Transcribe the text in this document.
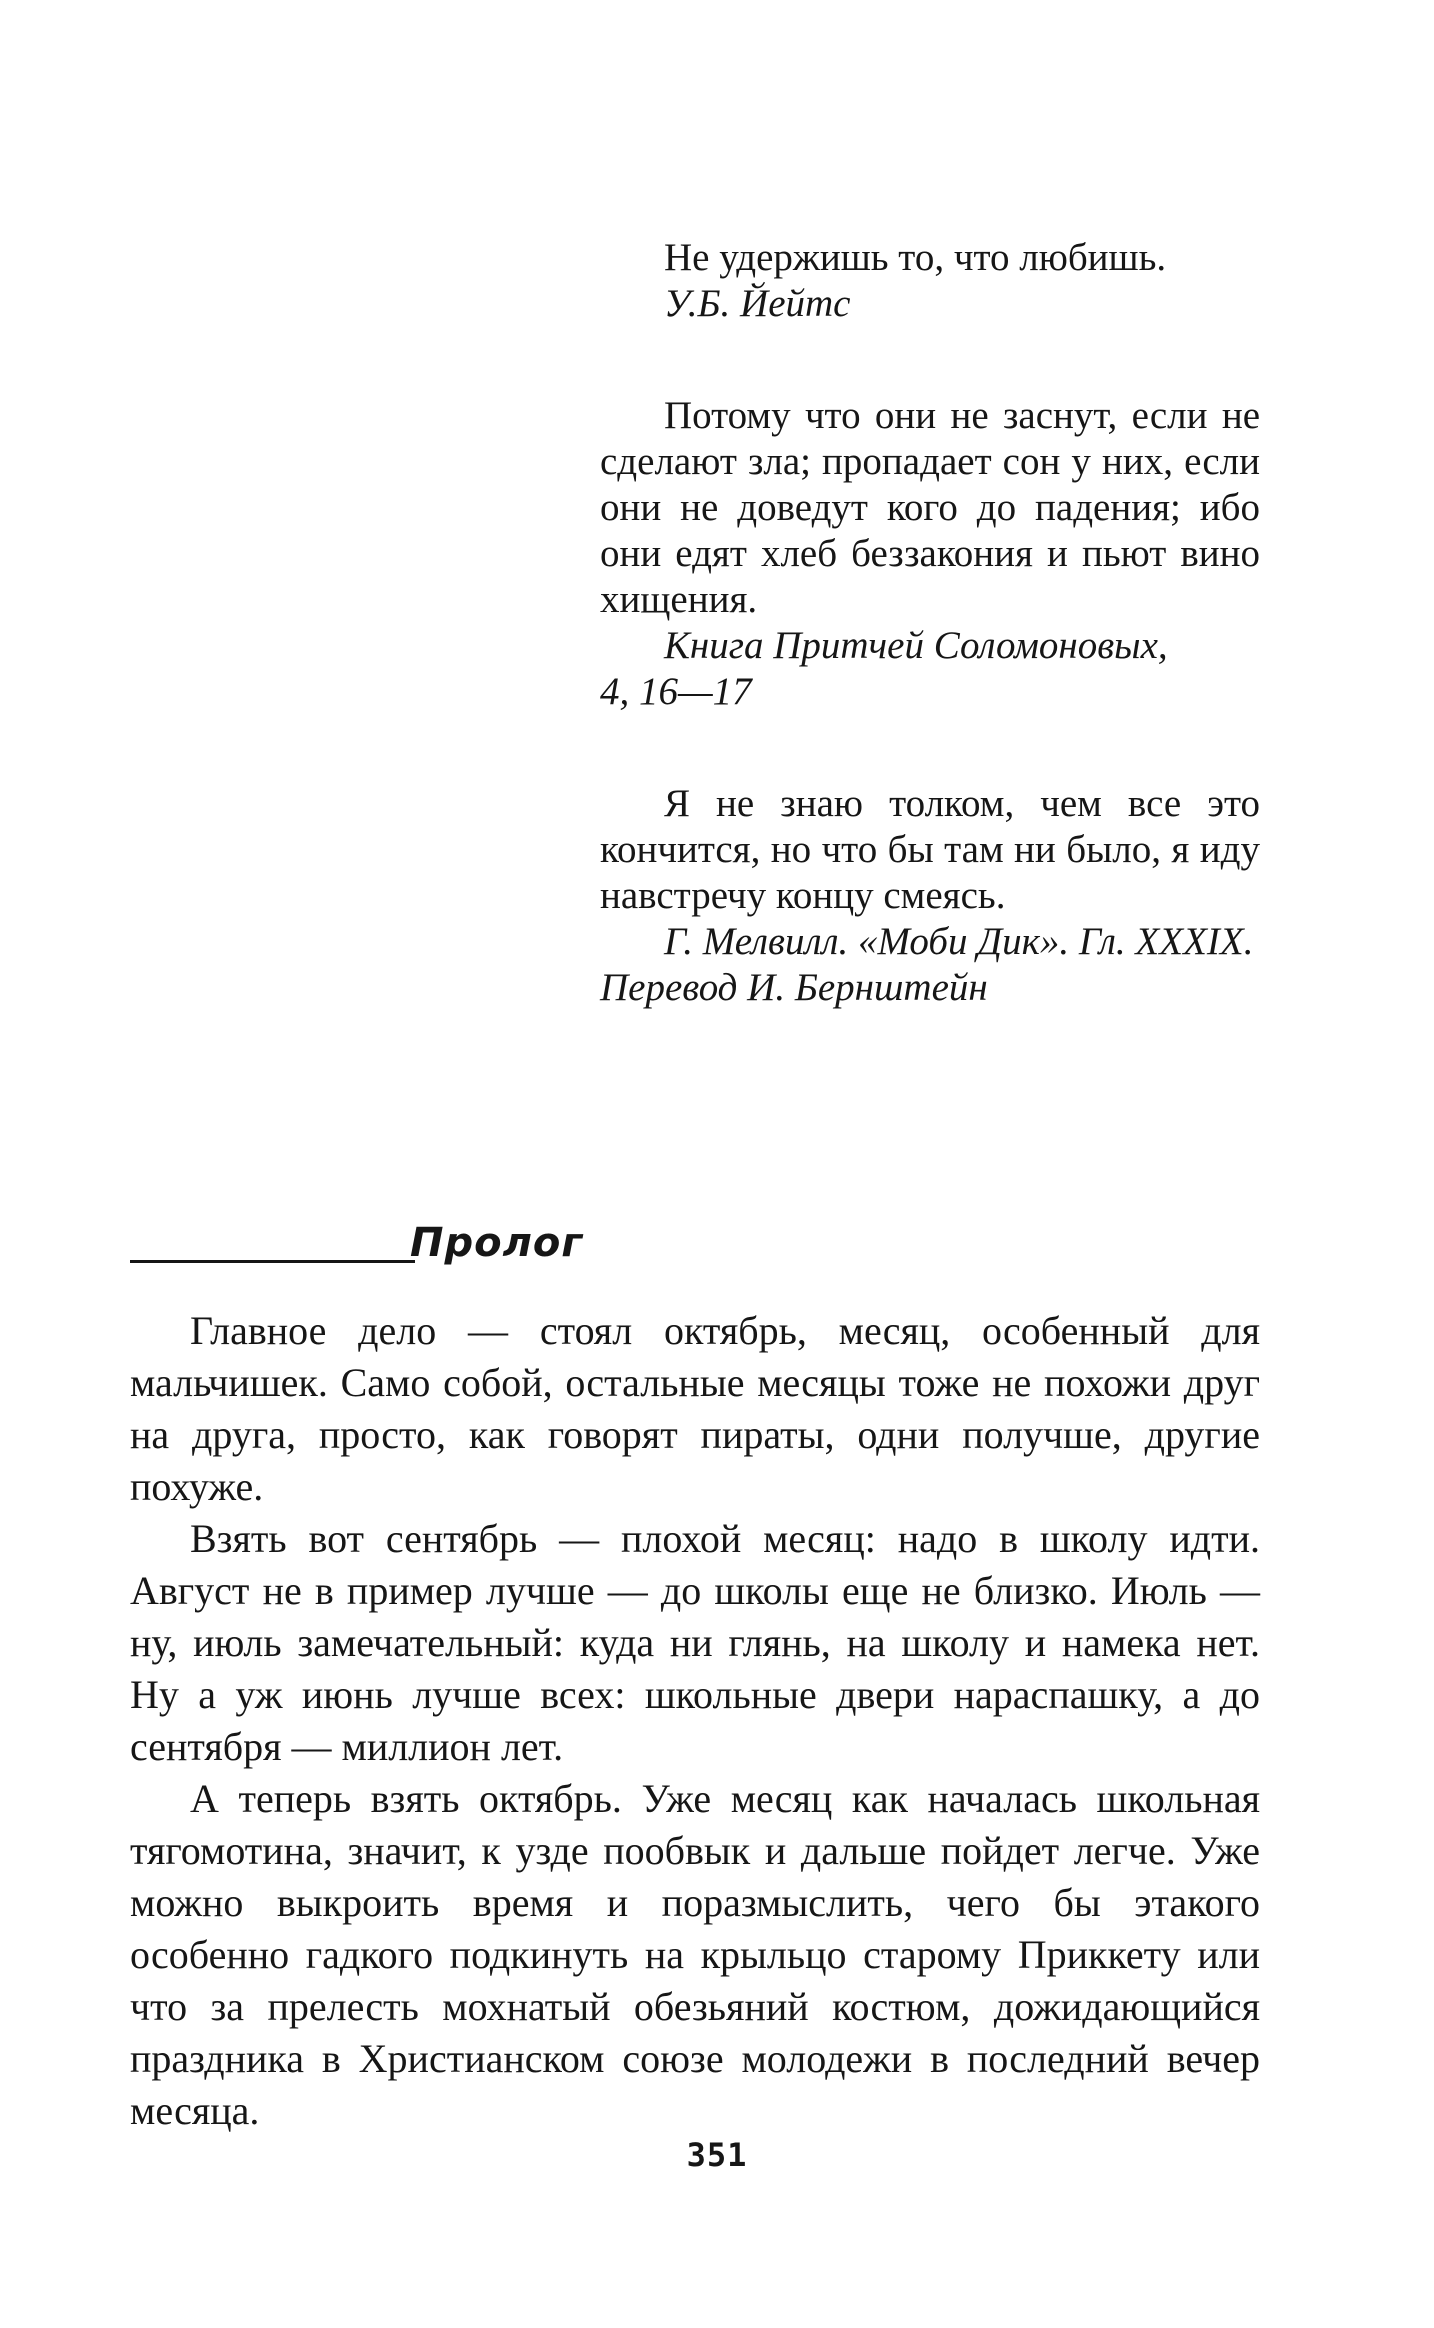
Не удержишь то, что любишь.

У.Б. Йейтс

Потому что они не заснут, если не сделают зла; пропадает сон у них, если они не доведут кого до падения; ибо они едят хлеб беззакония и пьют вино хищения.

Книга Притчей Соломоновых,
4, 16—17

Я не знаю толком, чем все это кончится, но что бы там ни было, я иду навстречу концу смеясь.

Г. Мелвилл. «Моби Дик». Гл. XXXIX.
Перевод И. Бернштейн

Пролог

Главное дело — стоял октябрь, месяц, особенный для мальчишек. Само собой, остальные месяцы тоже не похожи друг на друга, просто, как говорят пираты, одни получше, другие похуже.

Взять вот сентябрь — плохой месяц: надо в школу идти. Август не в пример лучше — до школы еще не близко. Июль — ну, июль замечательный: куда ни глянь, на школу и намека нет. Ну а уж июнь лучше всех: школьные двери нараспашку, а до сентября — миллион лет.

А теперь взять октябрь. Уже месяц как началась школьная тягомотина, значит, к узде пообвык и дальше пойдет легче. Уже можно выкроить время и поразмыслить, чего бы этакого особенно гадкого подкинуть на крыльцо старому Приккету или что за прелесть мохнатый обезьяний костюм, дожидающийся праздника в Христианском союзе молодежи в последний вечер месяца.

351
